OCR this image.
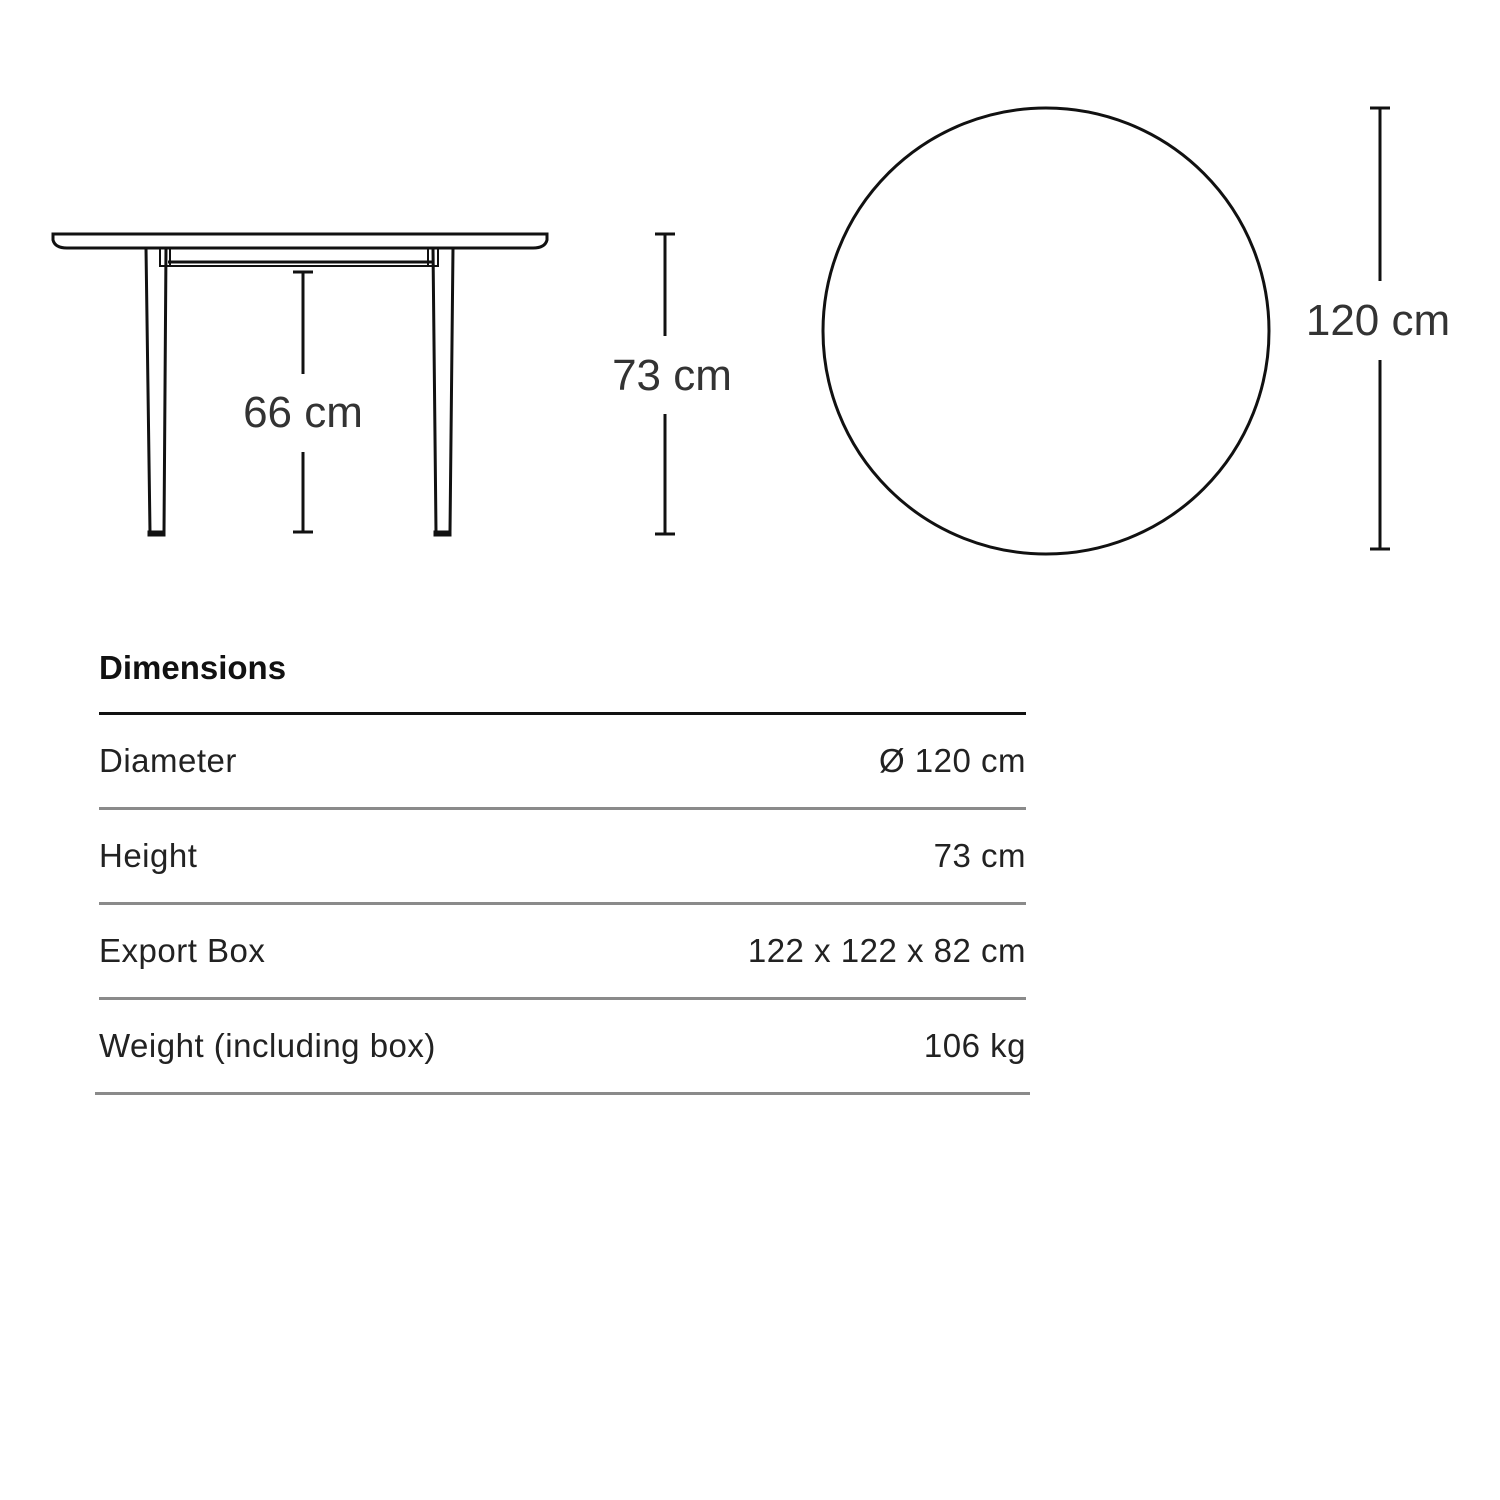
66 cm
73 cm
120 cm
Dimensions
Diameter	Ø 120 cm
Height	73 cm
Export Box	122 x 122 x 82 cm
Weight (including box)	106 kg
